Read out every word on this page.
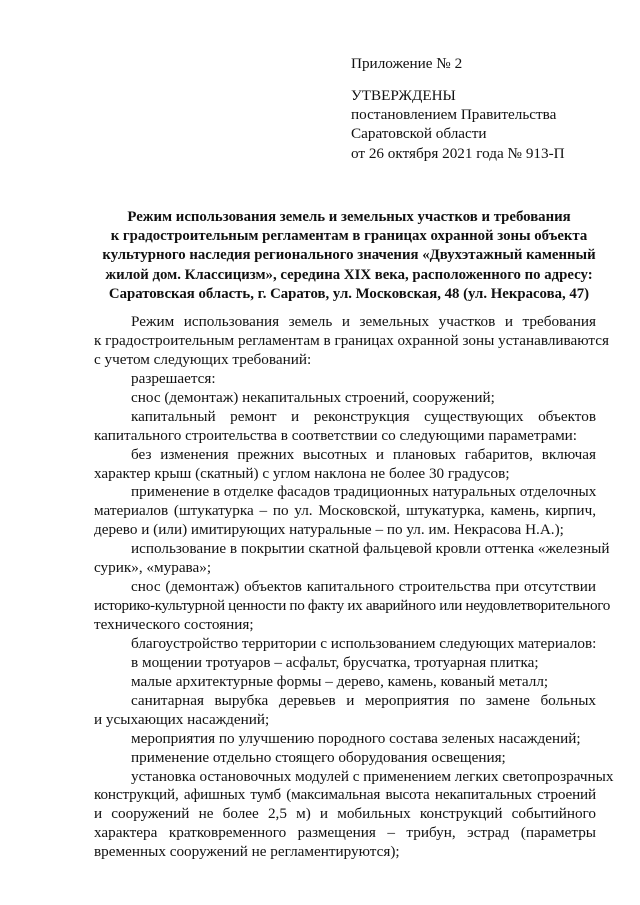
Приложение № 2
УТВЕРЖДЕНЫ
постановлением Правительства
Саратовской области
от 26 октября 2021 года № 913-П
Режим использования земель и земельных участков и требования
к градостроительным регламентам в границах охранной зоны объекта
культурного наследия регионального значения «Двухэтажный каменный
жилой дом. Классицизм», середина XIX века, расположенного по адресу:
Саратовская область, г. Саратов, ул. Московская, 48 (ул. Некрасова, 47)
Режим использования земель и земельных участков и требования
к градостроительным регламентам в границах охранной зоны устанавливаются
с учетом следующих требований:
разрешается:
снос (демонтаж) некапитальных строений, сооружений;
капитальный ремонт и реконструкция существующих объектов
капитального строительства в соответствии со следующими параметрами:
без изменения прежних высотных и плановых габаритов, включая
характер крыш (скатный) с углом наклона не более 30 градусов;
применение в отделке фасадов традиционных натуральных отделочных
материалов (штукатурка – по ул. Московской, штукатурка, камень, кирпич,
дерево и (или) имитирующих натуральные – по ул. им. Некрасова Н.А.);
использование в покрытии скатной фальцевой кровли оттенка «железный
сурик», «мурава»;
снос (демонтаж) объектов капитального строительства при отсутствии
историко-культурной ценности по факту их аварийного или неудовлетворительного
технического состояния;
благоустройство территории с использованием следующих материалов:
в мощении тротуаров – асфальт, брусчатка, тротуарная плитка;
малые архитектурные формы – дерево, камень, кованый металл;
санитарная вырубка деревьев и мероприятия по замене больных
и усыхающих насаждений;
мероприятия по улучшению породного состава зеленых насаждений;
применение отдельно стоящего оборудования освещения;
установка остановочных модулей с применением легких светопрозрачных
конструкций, афишных тумб (максимальная высота некапитальных строений
и сооружений не более 2,5 м) и мобильных конструкций событийного
характера кратковременного размещения – трибун, эстрад (параметры
временных сооружений не регламентируются);
